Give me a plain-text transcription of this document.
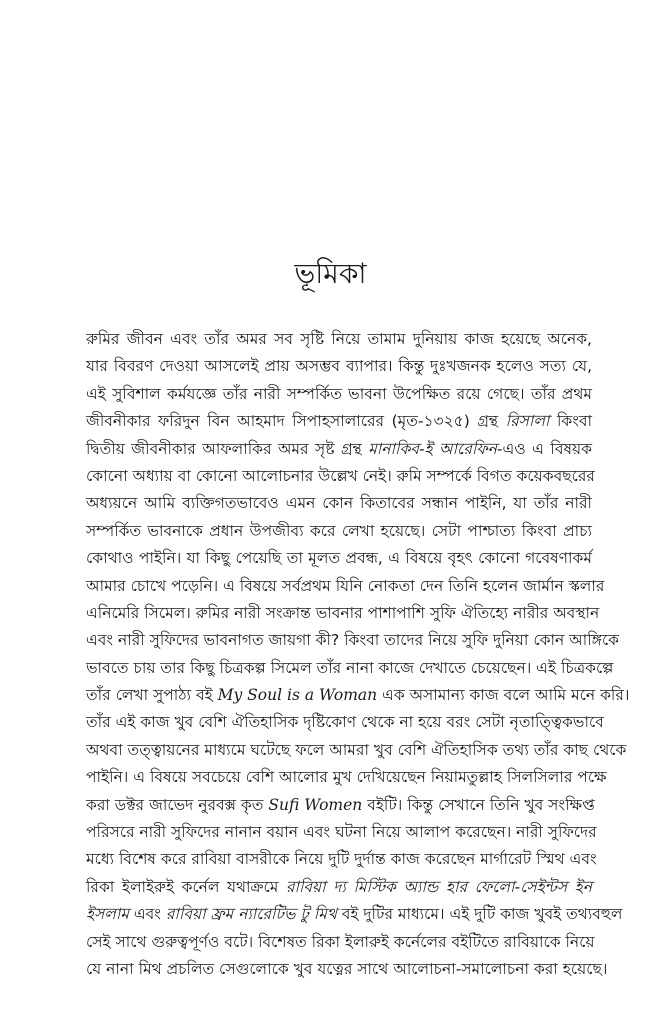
ভূমিকা
রুমির জীবন এবং তাঁর অমর সব সৃষ্টি নিয়ে তামাম দুনিয়ায় কাজ হয়েছে অনেক,
যার বিবরণ দেওয়া আসলেই প্রায় অসম্ভব ব্যাপার। কিন্তু দুঃখজনক হলেও সত্য যে,
এই সুবিশাল কর্মযজ্ঞে তাঁর নারী সম্পর্কিত ভাবনা উপেক্ষিত রয়ে গেছে। তাঁর প্রথম
জীবনীকার ফরিদুন বিন আহমাদ সিপাহসালারের (মৃত-১৩২৫) গ্রন্থ রিসালা কিংবা
দ্বিতীয় জীবনীকার আফলাকির অমর সৃষ্ট গ্রন্থ মানাকিব-ই আরেফিন-এও এ বিষয়ক
কোনো অধ্যায় বা কোনো আলোচনার উল্লেখ নেই। রুমি সম্পর্কে বিগত কয়েকবছরের
অধ্যয়নে আমি ব্যক্তিগতভাবেও এমন কোন কিতাবের সন্ধান পাইনি, যা তাঁর নারী
সম্পর্কিত ভাবনাকে প্রধান উপজীব্য করে লেখা হয়েছে। সেটা পাশ্চাত্য কিংবা প্রাচ্য
কোথাও পাইনি। যা কিছু পেয়েছি তা মূলত প্রবন্ধ, এ বিষয়ে বৃহৎ কোনো গবেষণাকর্ম
আমার চোখে পড়েনি। এ বিষয়ে সর্বপ্রথম যিনি নোকতা দেন তিনি হলেন জার্মান স্কলার
এনিমেরি সিমেল। রুমির নারী সংক্রান্ত ভাবনার পাশাপাশি সুফি ঐতিহ্যে নারীর অবস্থান
এবং নারী সুফিদের ভাবনাগত জায়গা কী? কিংবা তাদের নিয়ে সুফি দুনিয়া কোন আঙ্গিকে
ভাবতে চায় তার কিছু চিত্রকল্প সিমেল তাঁর নানা কাজে দেখাতে চেয়েছেন। এই চিত্রকল্পে
তাঁর লেখা সুপাঠ্য বই My Soul is a Woman এক অসামান্য কাজ বলে আমি মনে করি।
তাঁর এই কাজ খুব বেশি ঐতিহাসিক দৃষ্টিকোণ থেকে না হয়ে বরং সেটা নৃতাত্ত্বিকভাবে
অথবা তত্ত্বায়নের মাধ্যমে ঘটেছে ফলে আমরা খুব বেশি ঐতিহাসিক তথ্য তাঁর কাছ থেকে
পাইনি। এ বিষয়ে সবচেয়ে বেশি আলোর মুখ দেখিয়েছেন নিয়ামতুল্লাহ সিলসিলার পক্ষে
করা ডক্টর জাভেদ নুরবক্স কৃত Sufi Women বইটি। কিন্তু সেখানে তিনি খুব সংক্ষিপ্ত
পরিসরে নারী সুফিদের নানান বয়ান এবং ঘটনা নিয়ে আলাপ করেছেন। নারী সুফিদের
মধ্যে বিশেষ করে রাবিয়া বাসরীকে নিয়ে দুটি দুর্দান্ত কাজ করেছেন মার্গারেট স্মিথ এবং
রিকা ইলাইরুই কর্নেল যথাক্রমে রাবিয়া দ্য মিস্টিক অ্যান্ড হার ফেলো-সেইন্টস ইন
ইসলাম এবং রাবিয়া ফ্রম ন্যারেটিভ টু মিথ বই দুটির মাধ্যমে। এই দুটি কাজ খুবই তথ্যবহুল
সেই সাথে গুরুত্বপূর্ণও বটে। বিশেষত রিকা ইলারুই কর্নেলের বইটিতে রাবিয়াকে নিয়ে
যে নানা মিথ প্রচলিত সেগুলোকে খুব যত্নের সাথে আলোচনা-সমালোচনা করা হয়েছে।
